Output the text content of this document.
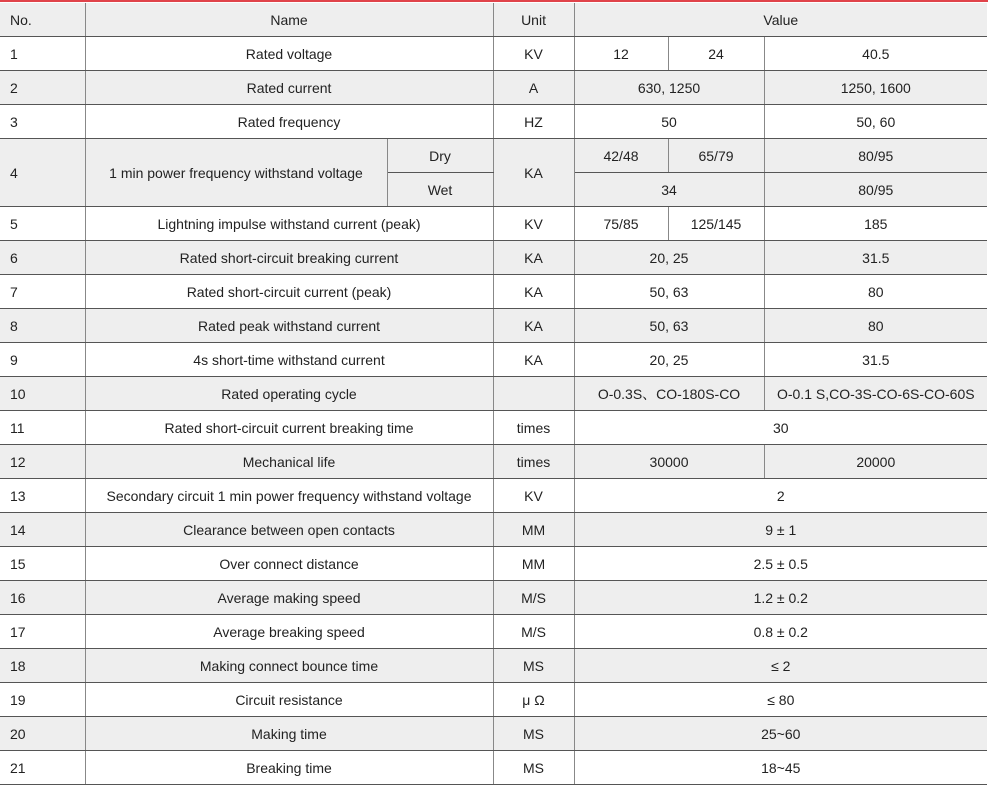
No.	Name		Unit	Value		
1	Rated voltage		KV	12	24	40.5
2	Rated current		A	630, 1250		1250, 1600
3	Rated frequency		HZ	50		50, 60
4	1 min power frequency withstand voltage	Dry	KA	42/48	65/79	80/95
		Wet		34		80/95
5	Lightning impulse withstand current (peak)		KV	75/85	125/145	185
6	Rated short-circuit breaking current		KA	20, 25		31.5
7	Rated short-circuit current (peak)		KA	50, 63		80
8	Rated peak withstand current		KA	50, 63		80
9	4s short-time withstand current		KA	20, 25		31.5
10	Rated operating cycle			O-0.3S、CO-180S-CO		O-0.1 S,CO-3S-CO-6S-CO-60S
11	Rated short-circuit current breaking time		times	30		
12	Mechanical life		times	30000		20000
13	Secondary circuit 1 min power frequency withstand voltage		KV	2		
14	Clearance between open contacts		MM	9 ± 1		
15	Over connect distance		MM	2.5 ± 0.5		
16	Average making speed		M/S	1.2 ± 0.2		
17	Average breaking speed		M/S	0.8 ± 0.2		
18	Making connect bounce time		MS	≤ 2		
19	Circuit resistance		μ Ω	≤ 80		
20	Making time		MS	25~60		
21	Breaking time		MS	18~45		
